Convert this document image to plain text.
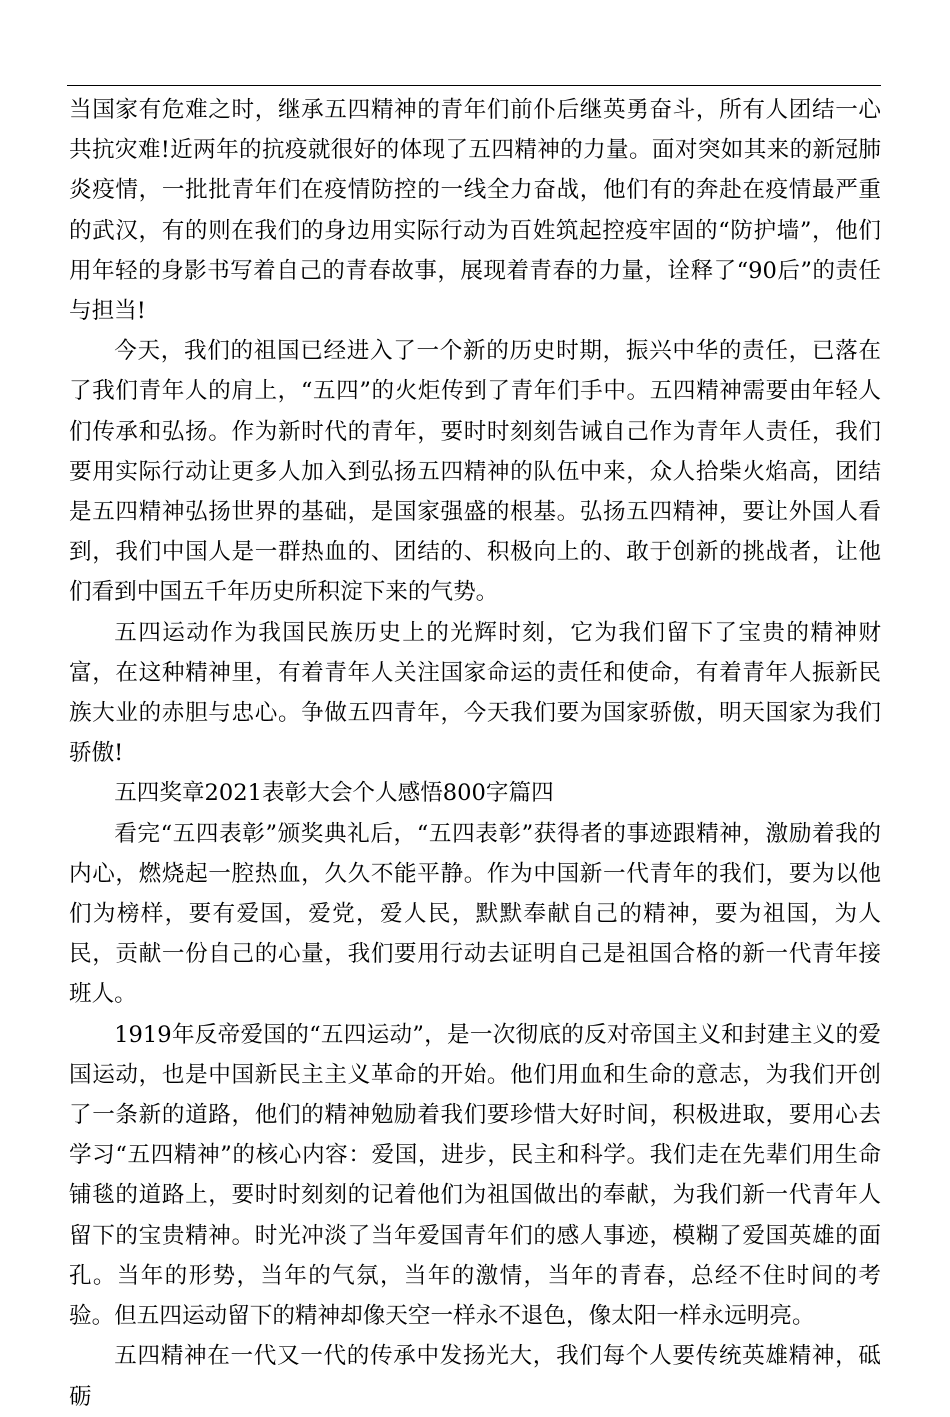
当国家有危难之时，继承五四精神的青年们前仆后继英勇奋斗，所有人团结一心共抗灾难!近两年的抗疫就很好的体现了五四精神的力量。面对突如其来的新冠肺炎疫情，一批批青年们在疫情防控的一线全力奋战，他们有的奔赴在疫情最严重的武汉，有的则在我们的身边用实际行动为百姓筑起控疫牢固的“防护墙”，他们用年轻的身影书写着自己的青春故事，展现着青春的力量，诠释了“90后”的责任与担当!

今天，我们的祖国已经进入了一个新的历史时期，振兴中华的责任，已落在了我们青年人的肩上，“五四”的火炬传到了青年们手中。五四精神需要由年轻人们传承和弘扬。作为新时代的青年，要时时刻刻告诫自己作为青年人责任，我们要用实际行动让更多人加入到弘扬五四精神的队伍中来，众人拾柴火焰高，团结是五四精神弘扬世界的基础，是国家强盛的根基。弘扬五四精神，要让外国人看到，我们中国人是一群热血的、团结的、积极向上的、敢于创新的挑战者，让他们看到中国五千年历史所积淀下来的气势。

五四运动作为我国民族历史上的光辉时刻，它为我们留下了宝贵的精神财富，在这种精神里，有着青年人关注国家命运的责任和使命，有着青年人振新民族大业的赤胆与忠心。争做五四青年，今天我们要为国家骄傲，明天国家为我们骄傲!

五四奖章2021表彰大会个人感悟800字篇四

看完“五四表彰”颁奖典礼后，“五四表彰”获得者的事迹跟精神，激励着我的内心，燃烧起一腔热血，久久不能平静。作为中国新一代青年的我们，要为以他们为榜样，要有爱国，爱党，爱人民，默默奉献自己的精神，要为祖国，为人民，贡献一份自己的心量，我们要用行动去证明自己是祖国合格的新一代青年接班人。

1919年反帝爱国的“五四运动”，是一次彻底的反对帝国主义和封建主义的爱国运动，也是中国新民主主义革命的开始。他们用血和生命的意志，为我们开创了一条新的道路，他们的精神勉励着我们要珍惜大好时间，积极进取，要用心去学习“五四精神”的核心内容：爱国，进步，民主和科学。我们走在先辈们用生命铺毯的道路上，要时时刻刻的记着他们为祖国做出的奉献，为我们新一代青年人留下的宝贵精神。时光冲淡了当年爱国青年们的感人事迹，模糊了爱国英雄的面孔。当年的形势，当年的气氛，当年的激情，当年的青春，总经不住时间的考验。但五四运动留下的精神却像天空一样永不退色，像太阳一样永远明亮。

五四精神在一代又一代的传承中发扬光大，我们每个人要传统英雄精神，砥砺
